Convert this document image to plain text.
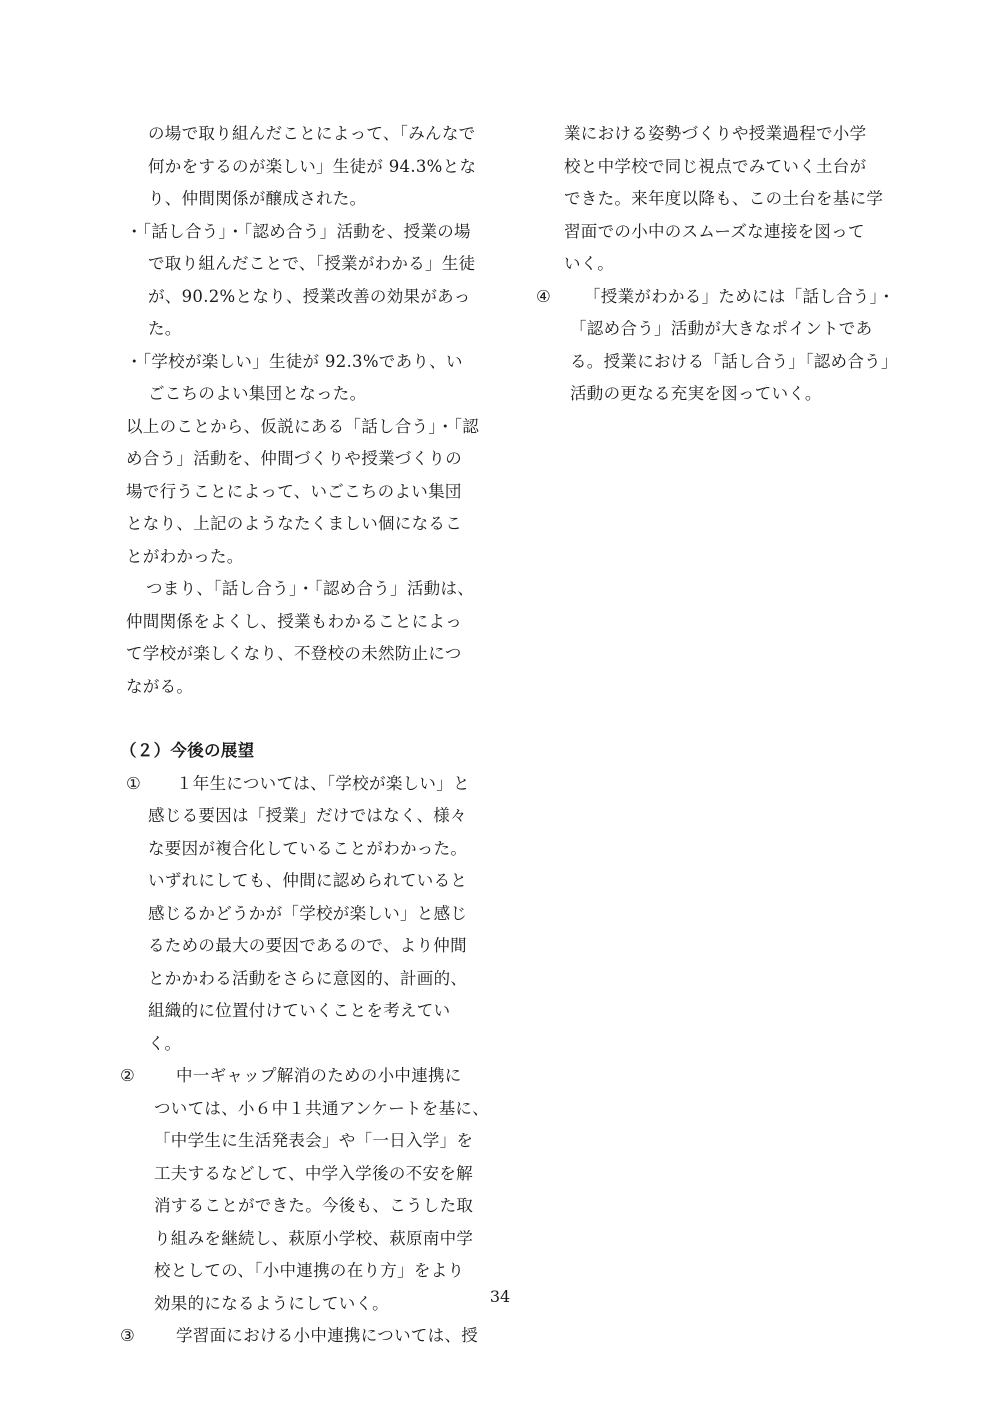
の場で取り組んだことによって、「みんなで
何かをするのが楽しい」生徒が 94.3%とな
り、仲間関係が醸成された。
・「話し合う」・「認め合う」活動を、授業の場
で取り組んだことで、「授業がわかる」生徒
が、90.2%となり、授業改善の効果があっ
た。
・「学校が楽しい」生徒が 92.3%であり、い
ごこちのよい集団となった。
以上のことから、仮説にある「話し合う」・「認
め合う」活動を、仲間づくりや授業づくりの
場で行うことによって、いごこちのよい集団
となり、上記のようなたくましい個になるこ
とがわかった。
つまり、「話し合う」・「認め合う」活動は、
仲間関係をよくし、授業もわかることによっ
て学校が楽しくなり、不登校の未然防止につ
ながる。
（２）今後の展望
① １年生については、「学校が楽しい」と
感じる要因は「授業」だけではなく、様々
な要因が複合化していることがわかった。
いずれにしても、仲間に認められていると
感じるかどうかが「学校が楽しい」と感じ
るための最大の要因であるので、より仲間
とかかわる活動をさらに意図的、計画的、
組織的に位置付けていくことを考えてい
く。
② 中一ギャップ解消のための小中連携に
ついては、小６中１共通アンケートを基に、
「中学生に生活発表会」や「一日入学」を
工夫するなどして、中学入学後の不安を解
消することができた。今後も、こうした取
り組みを継続し、萩原小学校、萩原南中学
校としての、「小中連携の在り方」をより
効果的になるようにしていく。
③ 学習面における小中連携については、授
業における姿勢づくりや授業過程で小学
校と中学校で同じ視点でみていく土台が
できた。来年度以降も、この土台を基に学
習面での小中のスムーズな連接を図って
いく。
④ 「授業がわかる」ためには「話し合う」・
「認め合う」活動が大きなポイントであ
る。授業における「話し合う」「認め合う」
活動の更なる充実を図っていく。
34
